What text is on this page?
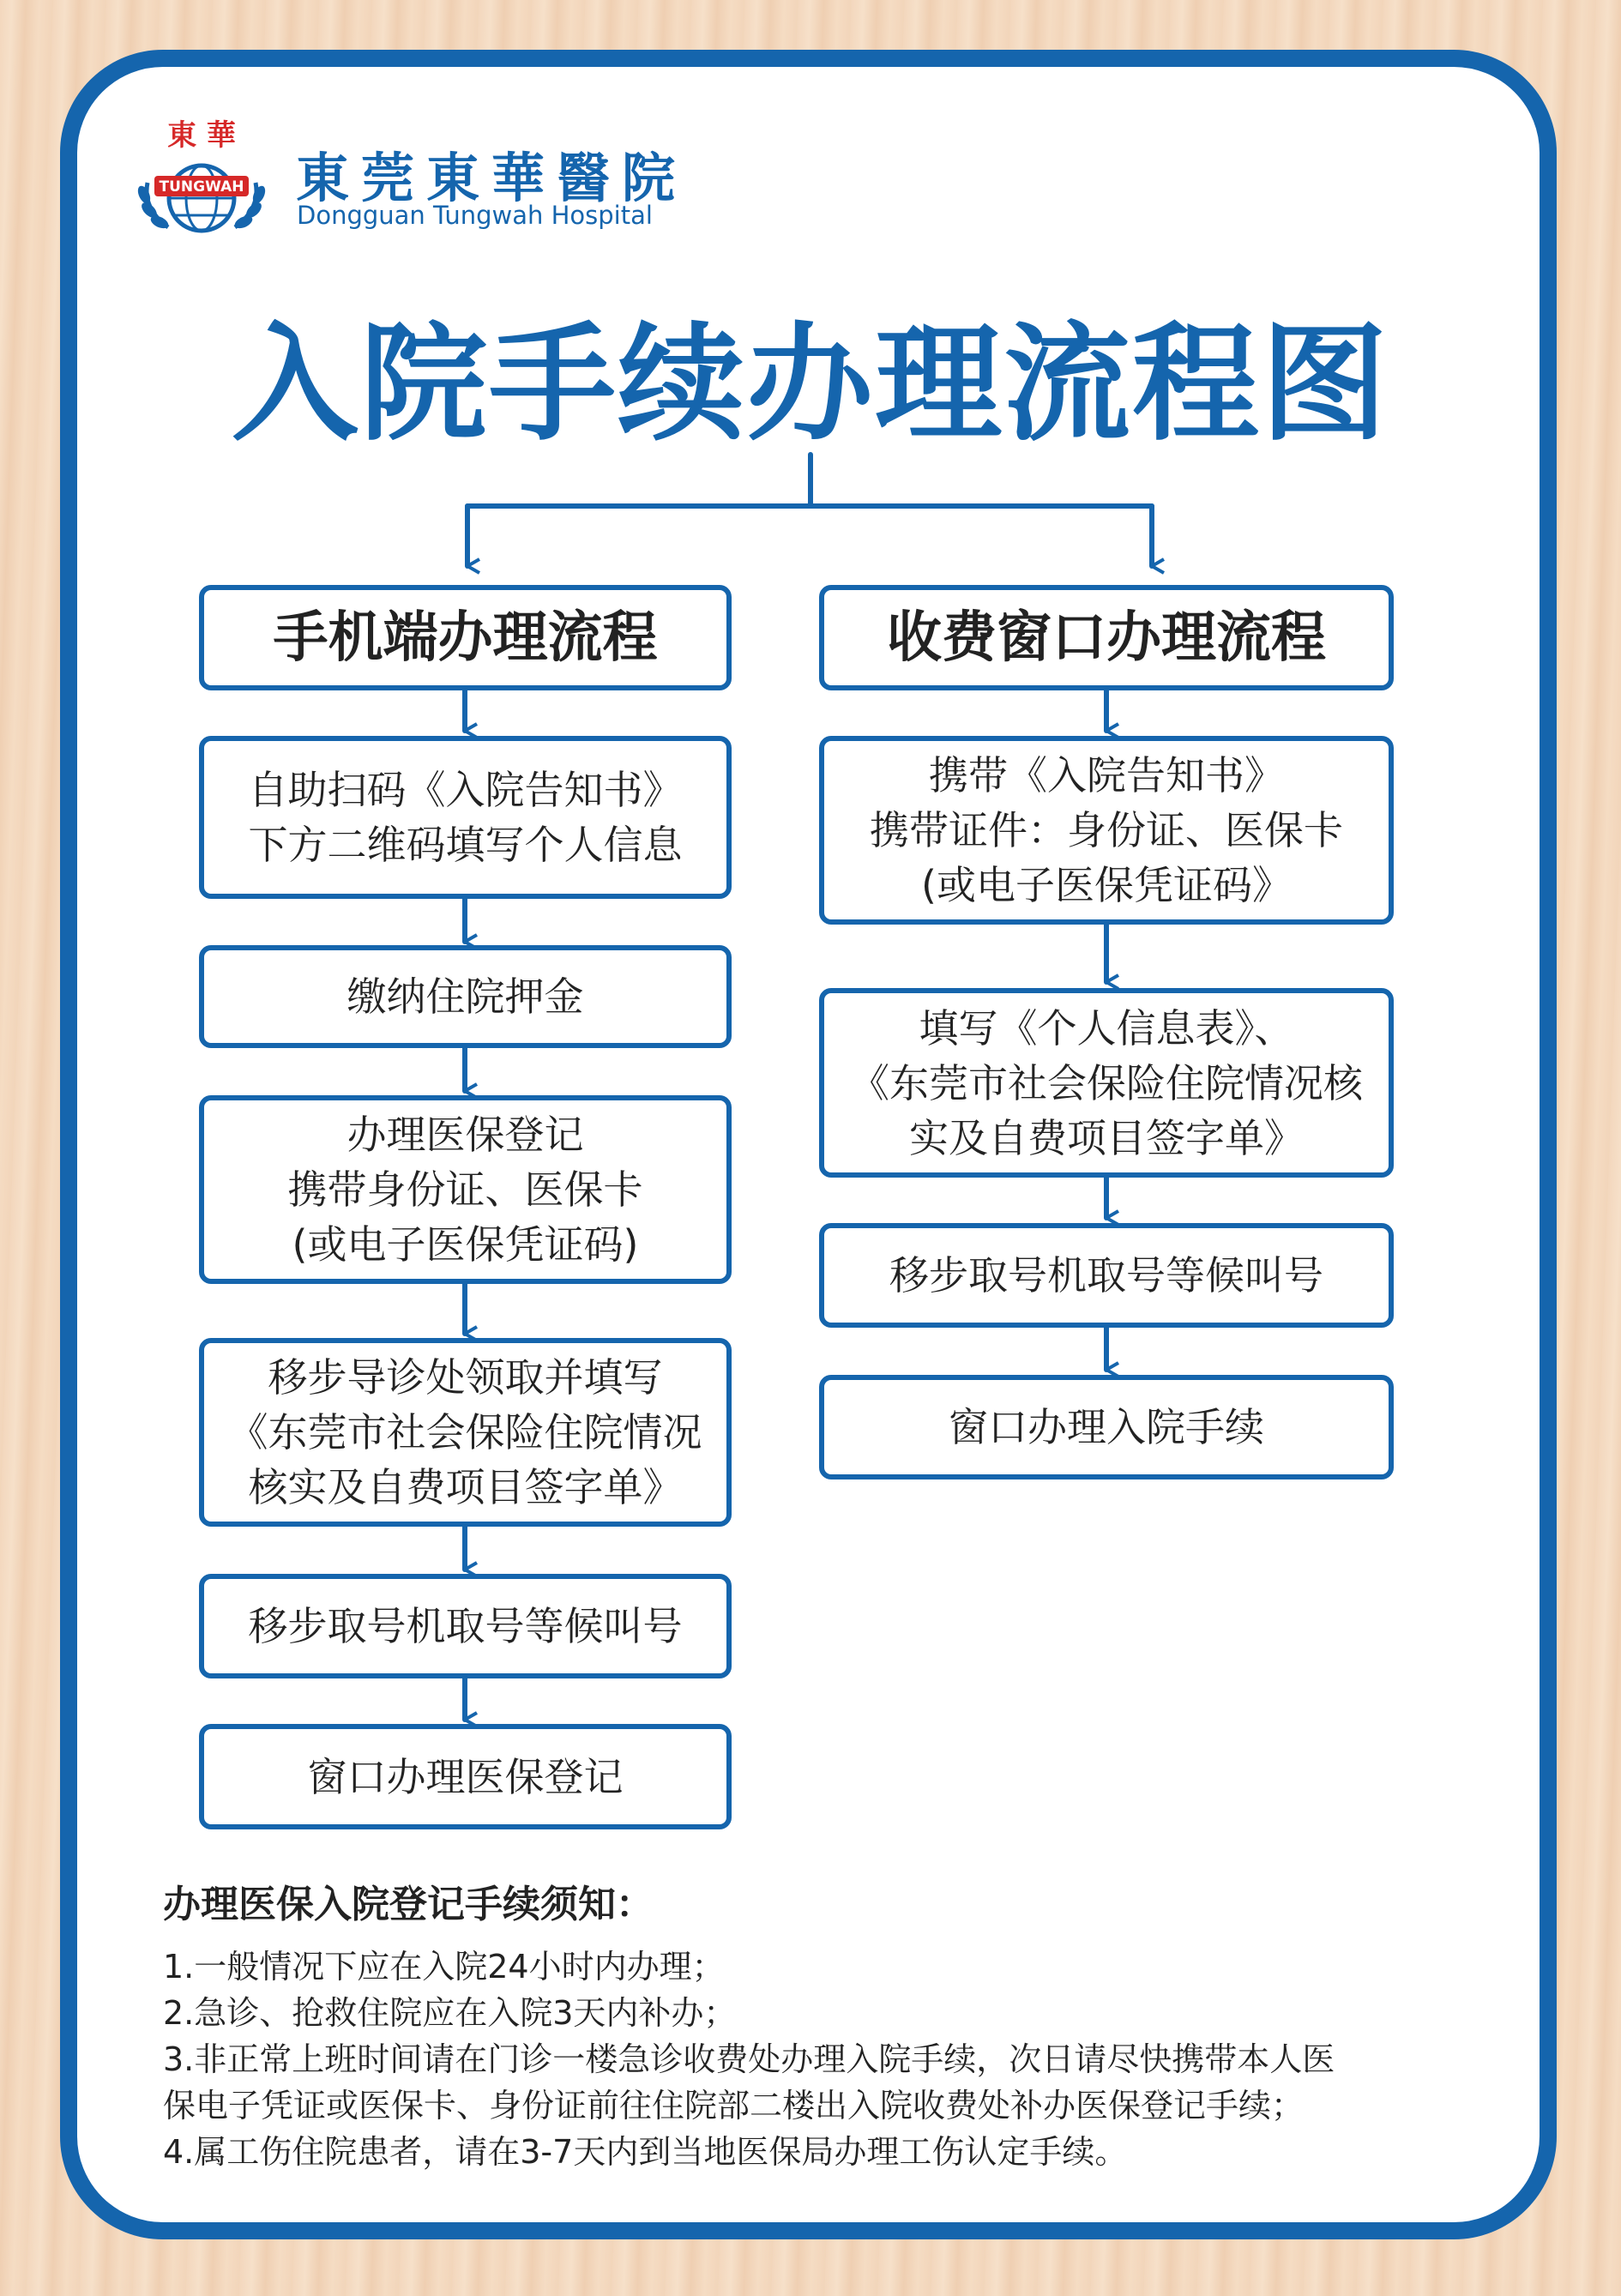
東 華
TUNGWAH 東莞東華醫院

Dongguan Tungwah Hospital

入院手续办理流程图
手机端办理流程
自助扫码《入院告知书》
下方二维码填写个人信息
缴纳住院押金
办理医保登记
携带身份证、医保卡
(或电子医保凭证码)
移步导诊处领取并填写
《东莞市社会保险住院情况
核实及自费项目签字单》
移步取号机取号等候叫号
窗口办理医保登记
收费窗口办理流程
携带《入院告知书》
携带证件：身份证、医保卡
(或电子医保凭证码》
填写《个人信息表》、
《东莞市社会保险住院情况核
实及自费项目签字单》
移步取号机取号等候叫号
窗口办理入院手续

办理医保入院登记手续须知：

1.一般情况下应在入院24小时内办理；

2.急诊、抢救住院应在入院3天内补办；

3.非正常上班时间请在门诊一楼急诊收费处办理入院手续，次日请尽快携带本人医
保电子凭证或医保卡、身份证前往住院部二楼出入院收费处补办医保登记手续；

4.属工伤住院患者，请在3-7天内到当地医保局办理工伤认定手续。
